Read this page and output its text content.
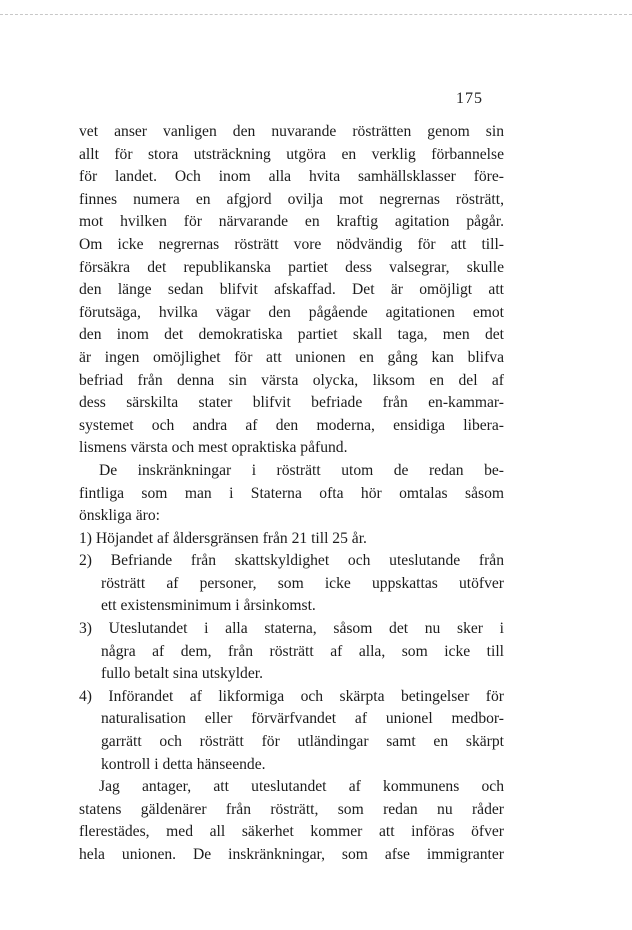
175
vet anser vanligen den nuvarande rösträtten genom sin
allt för stora utsträckning utgöra en verklig förbannelse
för landet. Och inom alla hvita samhällsklasser före-
finnes numera en afgjord ovilja mot negrernas rösträtt,
mot hvilken för närvarande en kraftig agitation pågår.
Om icke negrernas rösträtt vore nödvändig för att till-
försäkra det republikanska partiet dess valsegrar, skulle
den länge sedan blifvit afskaffad. Det är omöjligt att
förutsäga, hvilka vägar den pågående agitationen emot
den inom det demokratiska partiet skall taga, men det
är ingen omöjlighet för att unionen en gång kan blifva
befriad från denna sin värsta olycka, liksom en del af
dess särskilta stater blifvit befriade från en-kammar-
systemet och andra af den moderna, ensidiga libera-
lismens värsta och mest opraktiska påfund.
De inskränkningar i rösträtt utom de redan be-
fintliga som man i Staterna ofta hör omtalas såsom
önskliga äro:
1) Höjandet af åldersgränsen från 21 till 25 år.
2) Befriande från skattskyldighet och uteslutande från
rösträtt af personer, som icke uppskattas utöfver
ett existensminimum i årsinkomst.
3) Uteslutandet i alla staterna, såsom det nu sker i
några af dem, från rösträtt af alla, som icke till
fullo betalt sina utskylder.
4) Införandet af likformiga och skärpta betingelser för
naturalisation eller förvärfvandet af unionel medbor-
garrätt och rösträtt för utländingar samt en skärpt
kontroll i detta hänseende.
Jag antager, att uteslutandet af kommunens och
statens gäldenärer från rösträtt, som redan nu råder
flerestädes, med all säkerhet kommer att införas öfver
hela unionen. De inskränkningar, som afse immigranter
